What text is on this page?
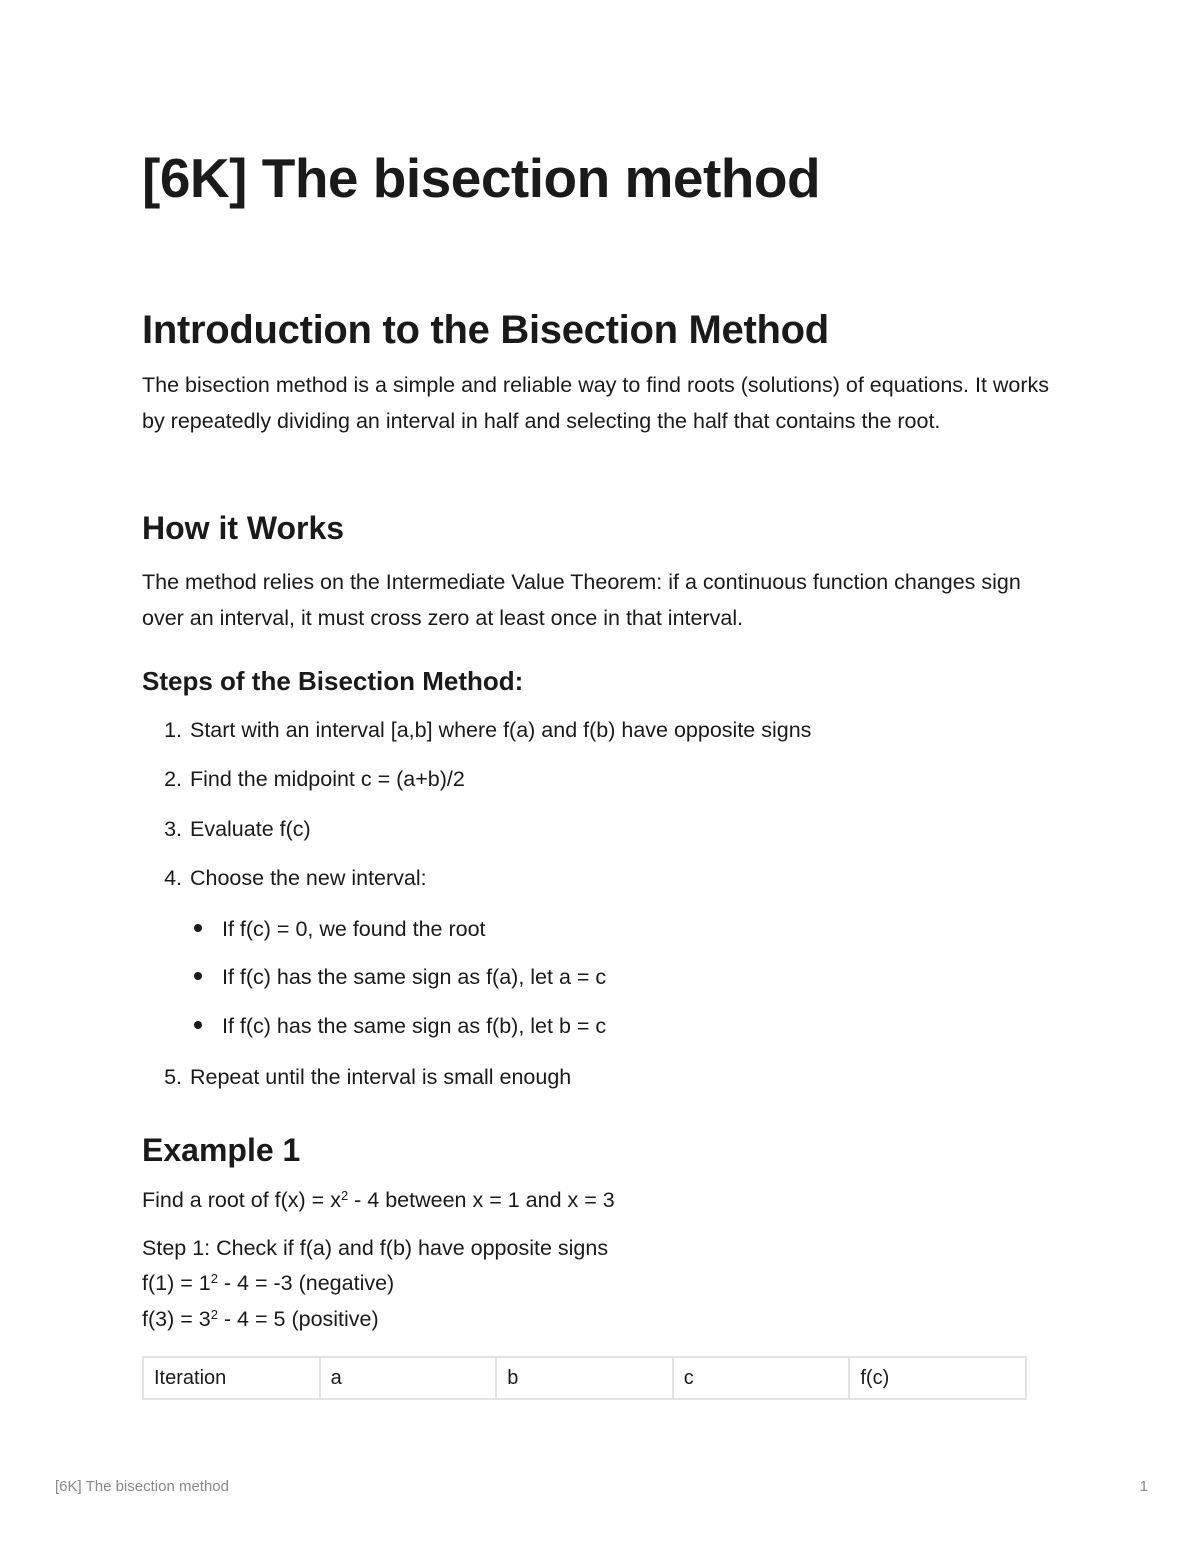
[6K] The bisection method
Introduction to the Bisection Method

The bisection method is a simple and reliable way to find roots (solutions) of equations. It works by repeatedly dividing an interval in half and selecting the half that contains the root.

How it Works

The method relies on the Intermediate Value Theorem: if a continuous function changes sign over an interval, it must cross zero at least once in that interval.

Steps of the Bisection Method:
1. Start with an interval [a,b] where f(a) and f(b) have opposite signs
2. Find the midpoint c = (a+b)/2
3. Evaluate f(c)
4. Choose the new interval:
If f(c) = 0, we found the root
If f(c) has the same sign as f(a), let a = c
If f(c) has the same sign as f(b), let b = c
5. Repeat until the interval is small enough
Example 1
Find a root of $f(x) = x^2 - 4$ between x = 1 and x = 3
Step 1: Check if f(a) and f(b) have opposite signs
$f(1) = 1^2 - 4 = -3$ (negative)
$f(3) = 3^2 - 4 = 5$ (positive)
Iteration	a	b	c	f(c)
[6K] The bisection method	1
